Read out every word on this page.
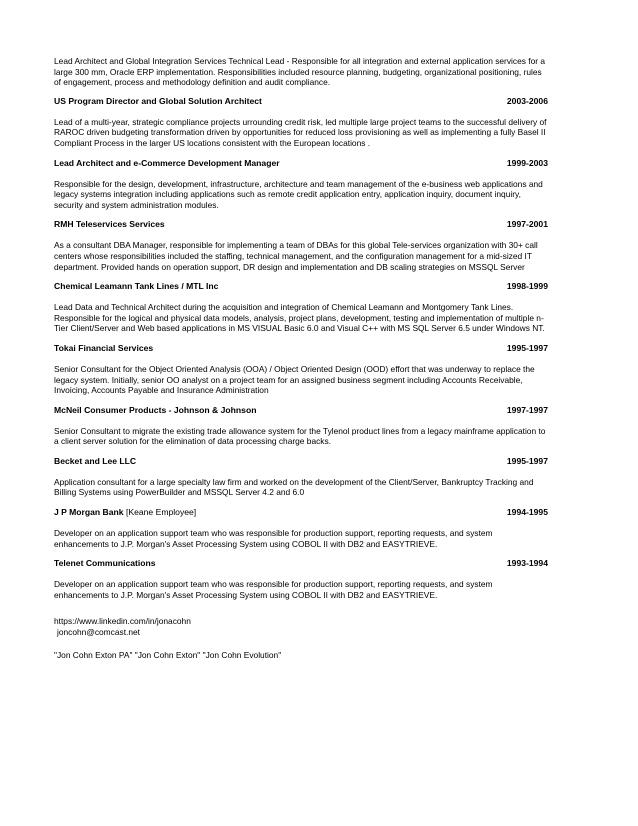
Lead Architect and Global Integration Services Technical Lead - Responsible for all integration and external application services for a large 300 mm, Oracle ERP implementation. Responsibilities included resource planning, budgeting, organizational positioning, rules of engagement, process and methodology definition and audit compliance.

US Program Director and Global Solution Architect	2003-2006

Lead of a multi-year, strategic compliance projects urrounding credit risk, led multiple large project teams to the successful delivery of RAROC driven budgeting transformation driven by opportunities for reduced loss provisioning as well as implementing a fully Basel II Compliant Process in the larger US locations consistent with the European locations .

Lead Architect and e-Commerce Development Manager	1999-2003

Responsible for the design, development, infrastructure, architecture and team management of the e-business web applications and legacy systems integration including applications such as remote credit application entry, application inquiry, document inquiry, security and system administration modules.

RMH Teleservices Services	1997-2001

As a consultant DBA Manager, responsible for implementing a team of DBAs for this global Tele-services organization with 30+ call centers whose responsibilities included the staffing, technical management, and the configuration management for a mid-sized IT department. Provided hands on operation support, DR design and implementation and DB scaling strategies on MSSQL Server

Chemical Leamann Tank Lines / MTL Inc	1998-1999

Lead Data and Technical Architect during the acquisition and integration of Chemical Leamann and Montgomery Tank Lines. Responsible for the logical and physical data models, analysis, project plans, development, testing and implementation of multiple n-Tier Client/Server and Web based applications in MS VISUAL Basic 6.0 and Visual C++ with MS SQL Server 6.5 under Windows NT.

Tokai Financial Services	1995-1997

Senior Consultant for the Object Oriented Analysis (OOA) / Object Oriented Design (OOD) effort that was underway to replace the legacy system. Initially, senior OO analyst on a project team for an assigned business segment including Accounts Receivable, Invoicing, Accounts Payable and Insurance Administration

McNeil Consumer Products - Johnson & Johnson	1997-1997

Senior Consultant to migrate the existing trade allowance system for the Tylenol product lines from a legacy mainframe application to a client server solution for the elimination of data processing charge backs.

Becket and Lee LLC	1995-1997

Application consultant for a large specialty law firm and worked on the development of the Client/Server, Bankruptcy Tracking and Billing Systems using PowerBuilder and MSSQL Server 4.2 and 6.0

J P Morgan Bank [Keane Employee]	1994-1995

Developer on an application support team who was responsible for production support, reporting requests, and system enhancements to J.P. Morgan's Asset Processing System using COBOL II with DB2 and EASYTRIEVE.

Telenet Communications	1993-1994

Developer on an application support team who was responsible for production support, reporting requests, and system enhancements to J.P. Morgan's Asset Processing System using COBOL II with DB2 and EASYTRIEVE.

https://www.linkedin.com/in/jonacohn
joncohn@comcast.net
"Jon Cohn Exton PA" "Jon Cohn Exton" "Jon Cohn Evolution"
